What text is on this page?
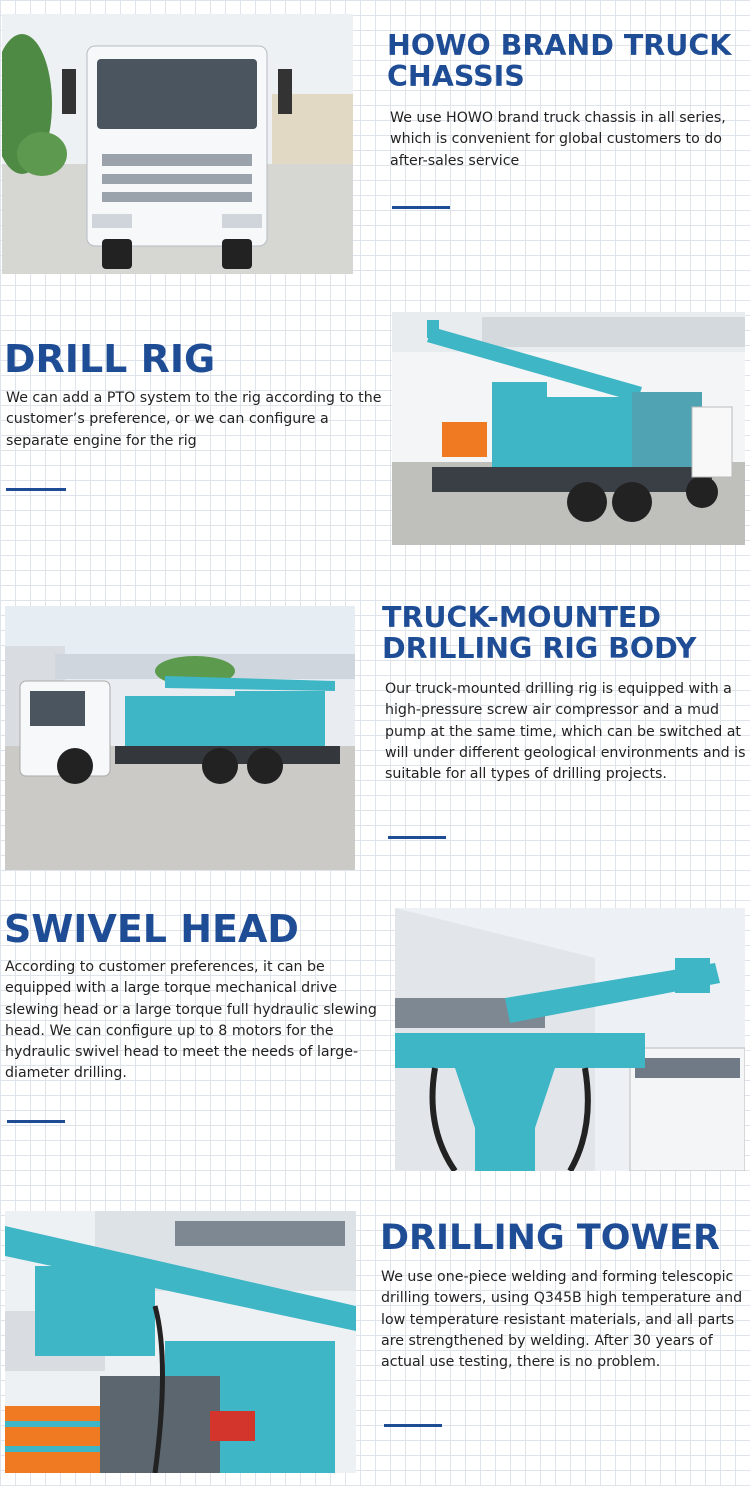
HOWO BRAND TRUCK
CHASSIS

We use HOWO brand truck chassis in all series, which is convenient for global customers to do after-sales service

DRILL RIG

We can add a PTO system to the rig according to the customer’s preference, or we can configure a separate engine for the rig

TRUCK-MOUNTED
DRILLING RIG BODY

Our truck-mounted drilling rig is equipped with a high-pressure screw air compressor and a mud pump at the same time, which can be switched at will under different geological environments and is suitable for all types of drilling projects.

SWIVEL HEAD

According to customer preferences, it can be equipped with a large torque mechanical drive slewing head or a large torque full hydraulic slewing head. We can configure up to 8 motors for the hydraulic swivel head to meet the needs of large-diameter drilling.

DRILLING TOWER

We use one-piece welding and forming telescopic drilling towers, using Q345B high temperature and low temperature resistant materials, and all parts are strengthened by welding. After 30 years of actual use testing, there is no problem.
